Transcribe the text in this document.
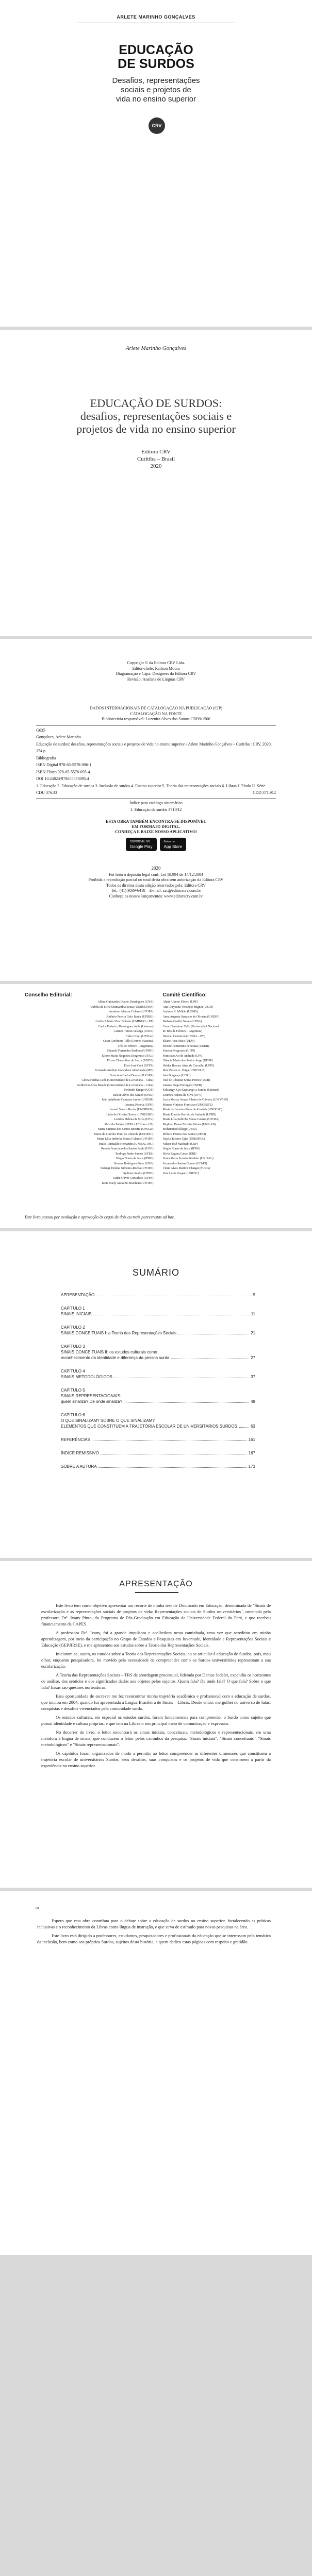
ARLETE MARINHO GONÇALVES
EDUCAÇÃO
DE SURDOS
Desafios, representações
sociais e projetos de
vida no ensino superior
CRV
Arlete Marinho Gonçalves
EDUCAÇÃO DE SURDOS:
desafios, representações sociais e
projetos de vida no ensino superior
Editora CRV
Curitiba – Brasil
2020
Copyright © da Editora CRV Ltda.
Editor-chefe: Railson Moura
Diagramação e Capa: Designers da Editora CRV
Revisão: Analista de Línguas CRV
DADOS INTERNACIONAIS DE CATALOGAÇÃO NA PUBLICAÇÃO (CIP)
CATALOGAÇÃO NA FONTE
Bibliotecária responsável: Luzenira Alves dos Santos CRB9/1506

G635

Gonçalves, Arlete Marinho.

Educação de surdos: desafios, representações sociais e projetos de vida no ensino superior / Arlete Marinho Gonçalves – Curitiba : CRV, 2020.

174 p.

Bibliografia

ISBN Digital 978-65-5578-096-1

ISBN Físico 978-65-5578-095-4

DOI 10.24824/978655578095.4

1. Educação 2. Educação de surdos 3. Inclusão de surdos 4. Ensino superior 5. Teoria das representações sociais 6. Libras I. Título II. Série

CDU 376.33	CDD 371.912

Índice para catálogo sistemático

1. Educação de surdos 371.912

ESTA OBRA TAMBÉM ENCONTRA-SE DISPONÍVEL
EM FORMATO DIGITAL.
CONHEÇA E BAIXE NOSSO APLICATIVO!
DISPONÍVEL NO
Google Play
Baixar na
App Store
2020
Foi feito o depósito legal conf. Lei 10.994 de 14/12/2004
Proibida a reprodução parcial ou total desta obra sem autorização da Editora CRV
Todos os direitos desta edição reservados pela: Editora CRV
Tel.: (41) 3039-6418 – E-mail: sac@editoracrv.com.br
Conheça os nossos lançamentos: www.editoracrv.com.br
Conselho Editorial:
Aldira Guimarães Duarte Domínguez (UNB)
Andréia da Silva Quintanilha Sousa (UNIR/UFRN)
Anselmo Alencar Colares (UFOPA)
Antônio Pereira Gaio Júnior (UFRRJ)
Carlos Alberto Vilar Estêvão (UMINHO – PT)
Carlos Federico Dominguez Avila (Unieuro)
Carmen Tereza Velanga (UNIR)
Celso Conti (UFSCar)
Cesar Gerónimo Tello (Univer. Nacional
Três de Febrero – Argentina)
Eduardo Fernandes Barbosa (UFMG)
Elione Maria Nogueira Diogenes (UFAL)
Elizeu Clementino de Souza (UNEB)
Élsio José Corá (UFFS)
Fernando Antônio Gonçalves Alcoforado (IPB)
Francisco Carlos Duarte (PUC-PR)
Gloria Fariñas León (Universidade de La Havana – Cuba)
Guillermo Arias Beatón (Universidade de La Havana – Cuba)
Helmuth Krüger (UCP)
Jailson Alves dos Santos (UFRJ)
João Adalberto Campato Junior (UNESP)
Josania Portela (UFPI)
Leonel Severo Rocha (UNISINOS)
Lídia de Oliveira Xavier (UNIEURO)
Lourdes Helena da Silva (UFV)
Marcelo Paixão (UFRJ e UTexas – US)
Maria Cristina dos Santos Bezerra (UFSCar)
Maria de Lourdes Pinto de Almeida (UNOESC)
Maria Lília Imbiriba Sousa Colares (UFOPA)
Paulo Romualdo Hernandes (UNIFAL-MG)
Renato Francisco dos Santos Paula (UFG)
Rodrigo Pratte-Santos (UFES)
Sérgio Nunes de Jesus (IFRO)
Simone Rodrigues Pinto (UNB)
Solange Helena Ximenes-Rocha (UFOPA)
Sydione Santos (UEPG)
Tadeu Oliver Gonçalves (UFPA)
Tania Suely Azevedo Brasileiro (UFOPA)
Comitê Científico:
Altair Alberto Fávero (UPF)
Ana Chrystina Venancio Mignot (UERJ)
Andréia N. Militão (UEMS)
Anna Augusta Sampaio de Oliveira (UNESP)
Barbara Coelho Neves (UFBA)
Cesar Gerónimo Tello (Universidad Nacional
de Três de Febrero – Argentina)
Diosnel Centurion (UNIDA – PY)
Eliane Rose Maio (UEM)
Elizeu Clementino de Souza (UNEB)
Fauston Negreiros (UFPI)
Francisco Ari de Andrade (UFC)
Gláucia Maria dos Santos Jorge (UFOP)
Helder Buenos Aires de Carvalho (UFPI)
Ilma Passos A. Veiga (UNICEUB)
Inês Bragança (UERJ)
José de Ribamar Sousa Pereira (UCB)
Jussara Fraga Portugal (UNEB)
Kilwangy Kya Kapitango-a-Samba (Unemat)
Lourdes Helena da Silva (UFV)
Lucia Marisy Souza Ribeiro de Oliveira (UNIVASF)
Marcos Vinicius Francisco (UNOESTE)
Maria de Lourdes Pinto de Almeida (UNOESC)
Maria Eurácia Barreto de Andrade (UFRB)
Maria Lília Imbiriba Sousa Colares (UFOPA)
Míghian Danae Ferreira Nunes (UNILAB)
Mohammed Elhajji (UFRJ)
Mônica Pereira dos Santos (UFRJ)
Najela Tavares Ujiie (UNESPAR)
Nilson José Machado (USP)
Sérgio Nunes de Jesus (IFRO)
Silvia Regina Canan (URI)
Sonia Maria Ferreira Koehler (UNISAL)
Suzana dos Santos Gomes (UFMG)
Vânia Alves Martins Chaigar (FURG)
Vera Lucia Gaspar (UDESC)
Este livro passou por avaliação e aprovação às cegas de dois ou mais pareceristas ad hoc.
SUMÁRIO
APRESENTAÇÃO	9
CAPÍTULO 1
SINAIS INICIAIS	11
CAPÍTULO 2
SINAIS CONCEITUAIS I: a Teoria das Representações Sociais	21
CAPÍTULO 3
SINAIS CONCEITUAIS II: os estudos culturais como
reconhecimento da identidade e diferença da pessoa surda	27
CAPÍTULO 4
SINAIS METODOLÓGICOS	37
CAPÍTULO 5
SINAIS REPRESENTACIONAIS:
quem sinaliza? De onde sinaliza?	49
CAPÍTULO 6
O QUE SINALIZAM? SOBRE O QUE SINALIZAM?
ELEMENTOS QUE CONSTITUEM A TRAJETÓRIA ESCOLAR DE UNIVERSITÁRIOS SURDOS	63
REFERÊNCIAS	161
ÍNDICE REMISSIVO	167
SOBRE A AUTORA	173
APRESENTAÇÃO

Este livro tem como objetivo apresentar um recorte de minha tese de Doutorado em Educação, denominada de "Sinais de escolarização e as representações sociais de projetos de vida: Representações sociais de Surdos universitários", orientada pela professora Drª. Ivany Pinto, do Programa de Pós-Graduação em Educação da Universidade Federal do Pará, e que recebeu financiamento da CAPES.

A professora Drª. Ivany, foi a grande impulsora e acolhedora nesta caminhada, uma vez que acreditou em minha aprendizagem, por meio da participação no Grupo de Estudos e Pesquisas em Juventude, Identidade e Representações Sociais e Educação (GEPJIRSE), e me apresentou aos estudos sobre a Teoria das Representações Sociais.

Iniciaram-se, assim, os estudos sobre a Teoria das Representações Sociais, ao se articular à educação de Surdos, pois, meu olhar, enquanto pesquisadora, foi movido pela necessidade de compreender como os Surdos universitários representam a sua escolarização.

A Teoria das Representações Sociais – TRS de abordagem processual, liderada por Denise Jodelet, expandiu os horizontes de análise, dos sentidos e dos significados dados aos objetos pelos sujeitos. Quem fala? De onde fala? O que fala? Sobre o que fala? Essas são questões norteadoras.

Essa oportunidade de escrever me fez reencontrar minha trajetória acadêmica e profissional com a educação de surdos, que iniciou em 2004, quando fui apresentada à Língua Brasileira de Sinais – Libras. Desde então, mergulhei no universo de lutas, conquistas e desafios vivenciados pela comunidade surda.

Os estudos culturais, em especial os estudos surdos, foram fundamentais para compreender o Surdo como sujeito que possui identidade e cultura próprias, e que tem na Libras o seu principal meio de comunicação e expressão.

No decorrer do livro, o leitor encontrará os sinais iniciais, conceituais, metodológicos e representacionais, em uma metáfora à língua de sinais, que conduzem o leitor pelos caminhos da pesquisa: "Sinais iniciais", "Sinais conceituais", "Sinais metodológicos" e "Sinais representacionais".

Os capítulos foram organizados de modo a permitir ao leitor compreender as diferentes dimensões que constituem a trajetória escolar de universitários Surdos, seus desafios, suas conquistas e os projetos de vida que constroem a partir da experiência no ensino superior.

10

Espero que esta obra contribua para o debate sobre a educação de surdos no ensino superior, fortalecendo as práticas inclusivas e o reconhecimento da Libras como língua de instrução, e que sirva de estímulo para novas pesquisas na área.

Este livro está dirigido a professores, estudantes, pesquisadores e profissionais da educação que se interessam pela temática da inclusão, bem como aos próprios Surdos, sujeitos desta história, a quem dedico estas páginas com respeito e gratidão.
